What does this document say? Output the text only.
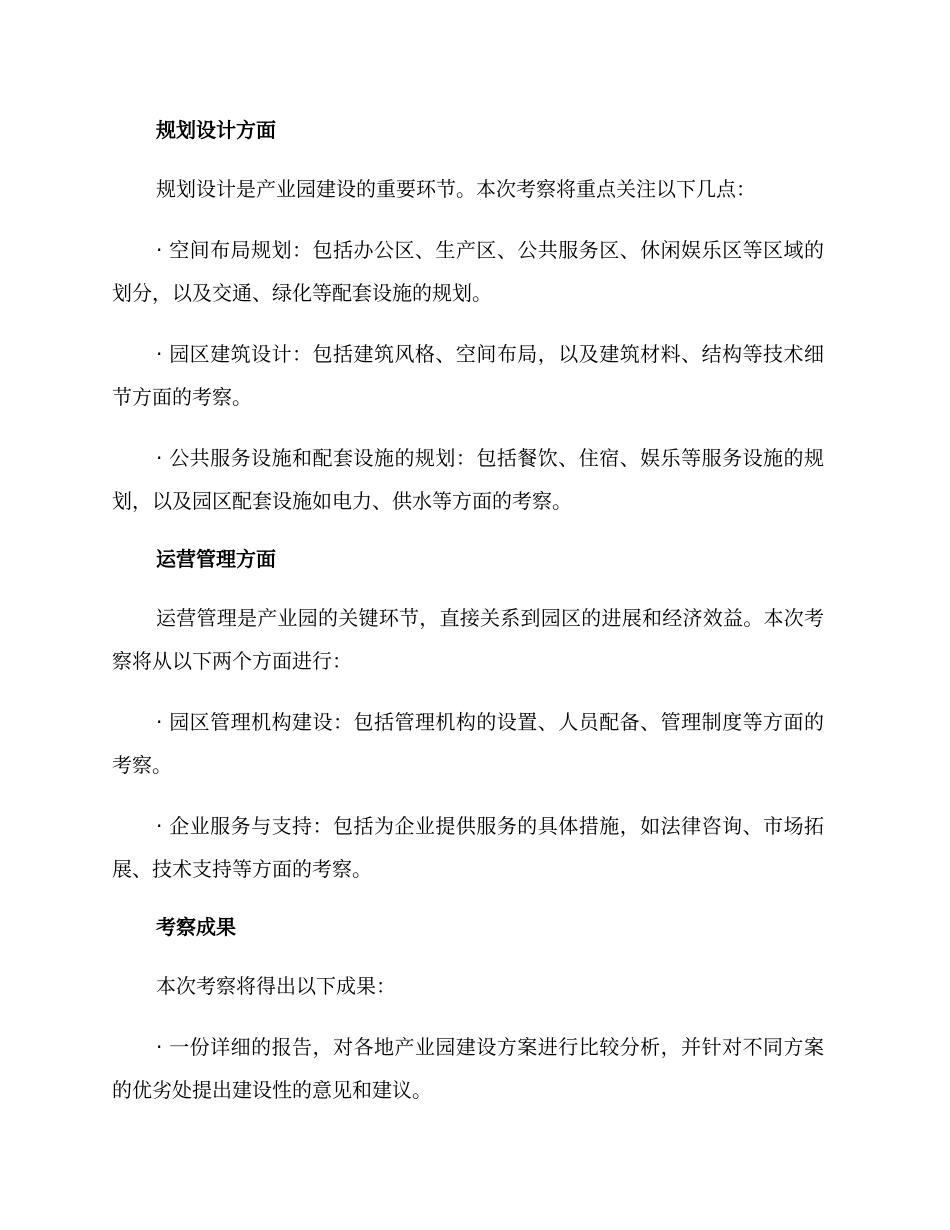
规划设计方面

规划设计是产业园建设的重要环节。本次考察将重点关注以下几点：

· 空间布局规划：包括办公区、生产区、公共服务区、休闲娱乐区等区域的划分，以及交通、绿化等配套设施的规划。

· 园区建筑设计：包括建筑风格、空间布局，以及建筑材料、结构等技术细节方面的考察。

· 公共服务设施和配套设施的规划：包括餐饮、住宿、娱乐等服务设施的规划，以及园区配套设施如电力、供水等方面的考察。

运营管理方面

运营管理是产业园的关键环节，直接关系到园区的进展和经济效益。本次考察将从以下两个方面进行：

· 园区管理机构建设：包括管理机构的设置、人员配备、管理制度等方面的考察。

· 企业服务与支持：包括为企业提供服务的具体措施，如法律咨询、市场拓展、技术支持等方面的考察。

考察成果

本次考察将得出以下成果：

· 一份详细的报告，对各地产业园建设方案进行比较分析，并针对不同方案的优劣处提出建设性的意见和建议。
